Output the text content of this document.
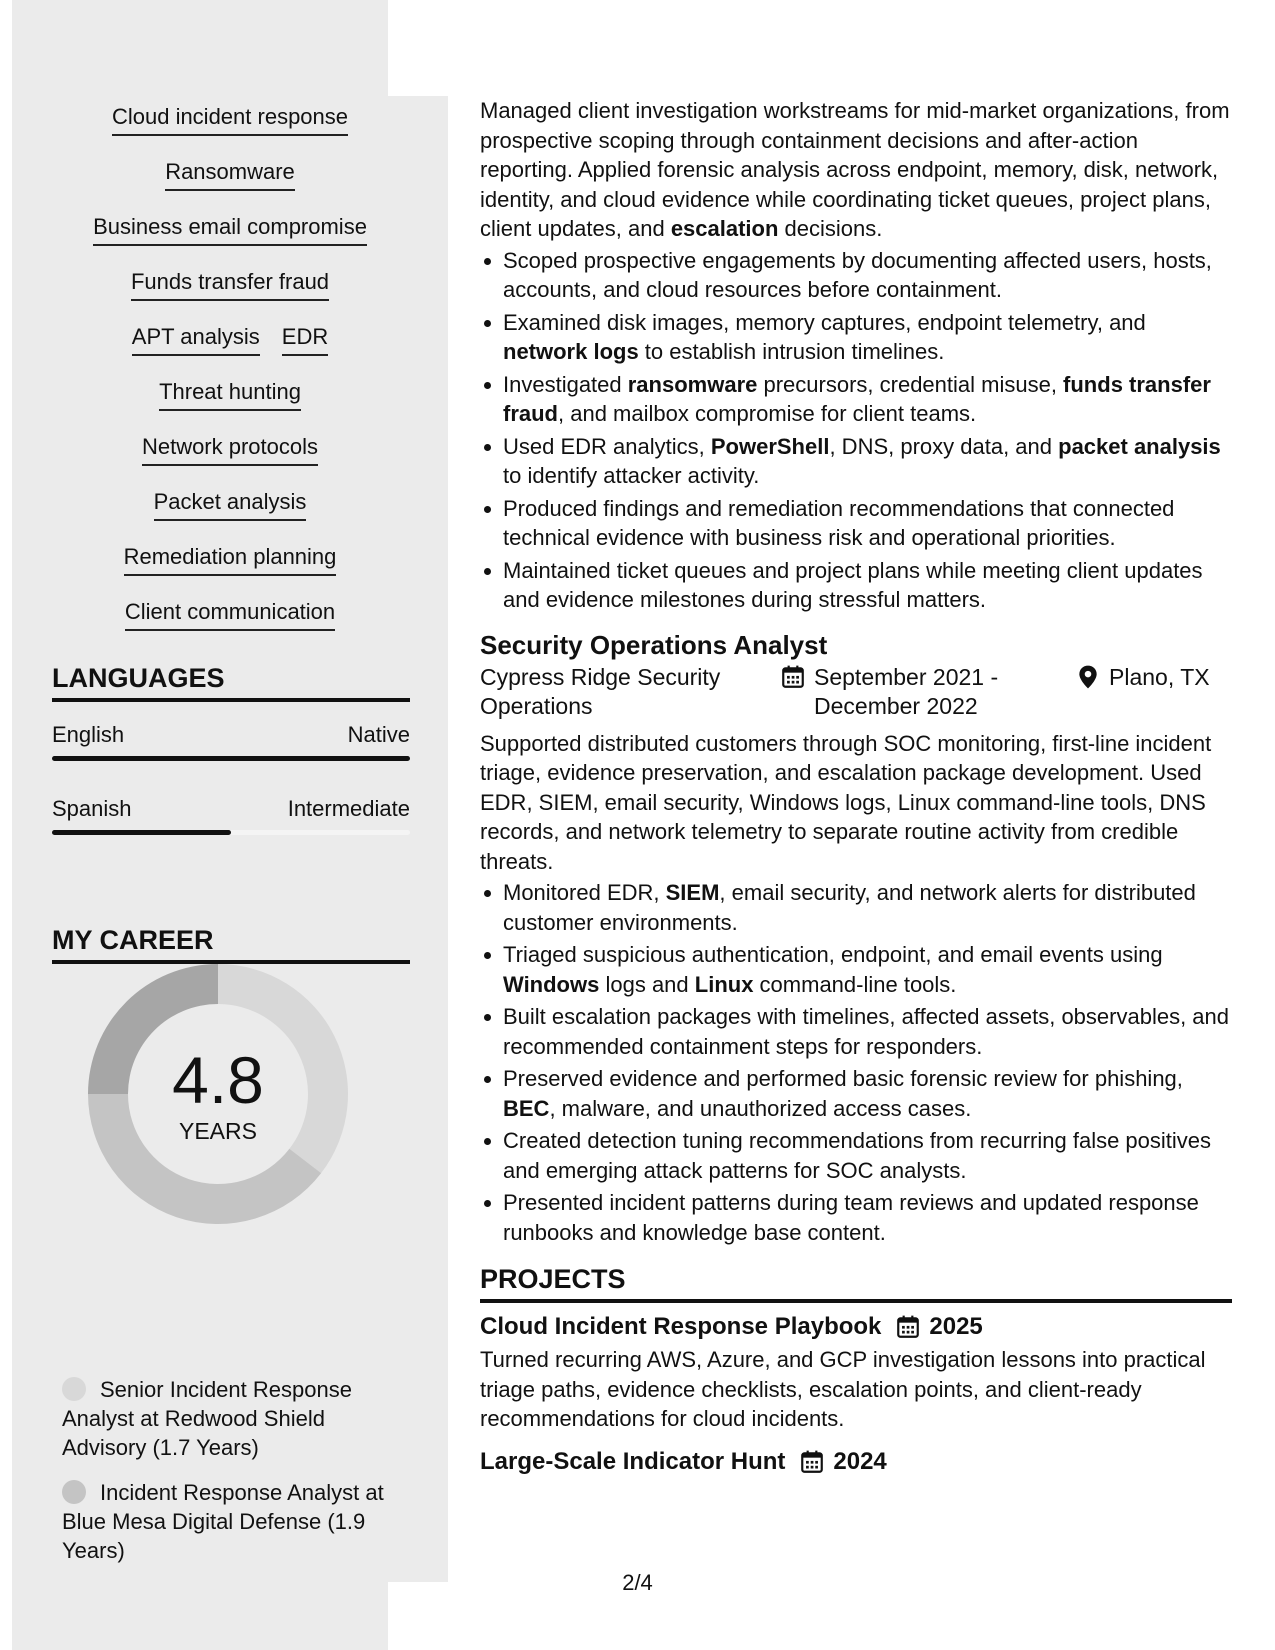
Cloud incident response
Ransomware
Business email compromise
Funds transfer fraud
APT analysis EDR
Threat hunting
Network protocols
Packet analysis
Remediation planning
Client communication
LANGUAGES
English	Native
Spanish	Intermediate
MY CAREER
4.8
YEARS
Senior Incident Response Analyst at Redwood Shield Advisory (1.7 Years)
Incident Response Analyst at Blue Mesa Digital Defense (1.9 Years)

Managed client investigation workstreams for mid-market organizations, from prospective scoping through containment decisions and after-action reporting. Applied forensic analysis across endpoint, memory, disk, network, identity, and cloud evidence while coordinating ticket queues, project plans, client updates, and escalation decisions.

Scoped prospective engagements by documenting affected users, hosts, accounts, and cloud resources before containment.
Examined disk images, memory captures, endpoint telemetry, and network logs to establish intrusion timelines.
Investigated ransomware precursors, credential misuse, funds transfer fraud, and mailbox compromise for client teams.
Used EDR analytics, PowerShell, DNS, proxy data, and packet analysis to identify attacker activity.
Produced findings and remediation recommendations that connected technical evidence with business risk and operational priorities.
Maintained ticket queues and project plans while meeting client updates and evidence milestones during stressful matters.
Security Operations Analyst
Cypress Ridge Security Operations
September 2021 - December 2022
Plano, TX

Supported distributed customers through SOC monitoring, first-line incident triage, evidence preservation, and escalation package development. Used EDR, SIEM, email security, Windows logs, Linux command-line tools, DNS records, and network telemetry to separate routine activity from credible threats.

Monitored EDR, SIEM, email security, and network alerts for distributed customer environments.
Triaged suspicious authentication, endpoint, and email events using Windows logs and Linux command-line tools.
Built escalation packages with timelines, affected assets, observables, and recommended containment steps for responders.
Preserved evidence and performed basic forensic review for phishing, BEC, malware, and unauthorized access cases.
Created detection tuning recommendations from recurring false positives and emerging attack patterns for SOC analysts.
Presented incident patterns during team reviews and updated response runbooks and knowledge base content.
PROJECTS
Cloud Incident Response Playbook 2025

Turned recurring AWS, Azure, and GCP investigation lessons into practical triage paths, evidence checklists, escalation points, and client-ready recommendations for cloud incidents.

Large-Scale Indicator Hunt 2024
2/4
